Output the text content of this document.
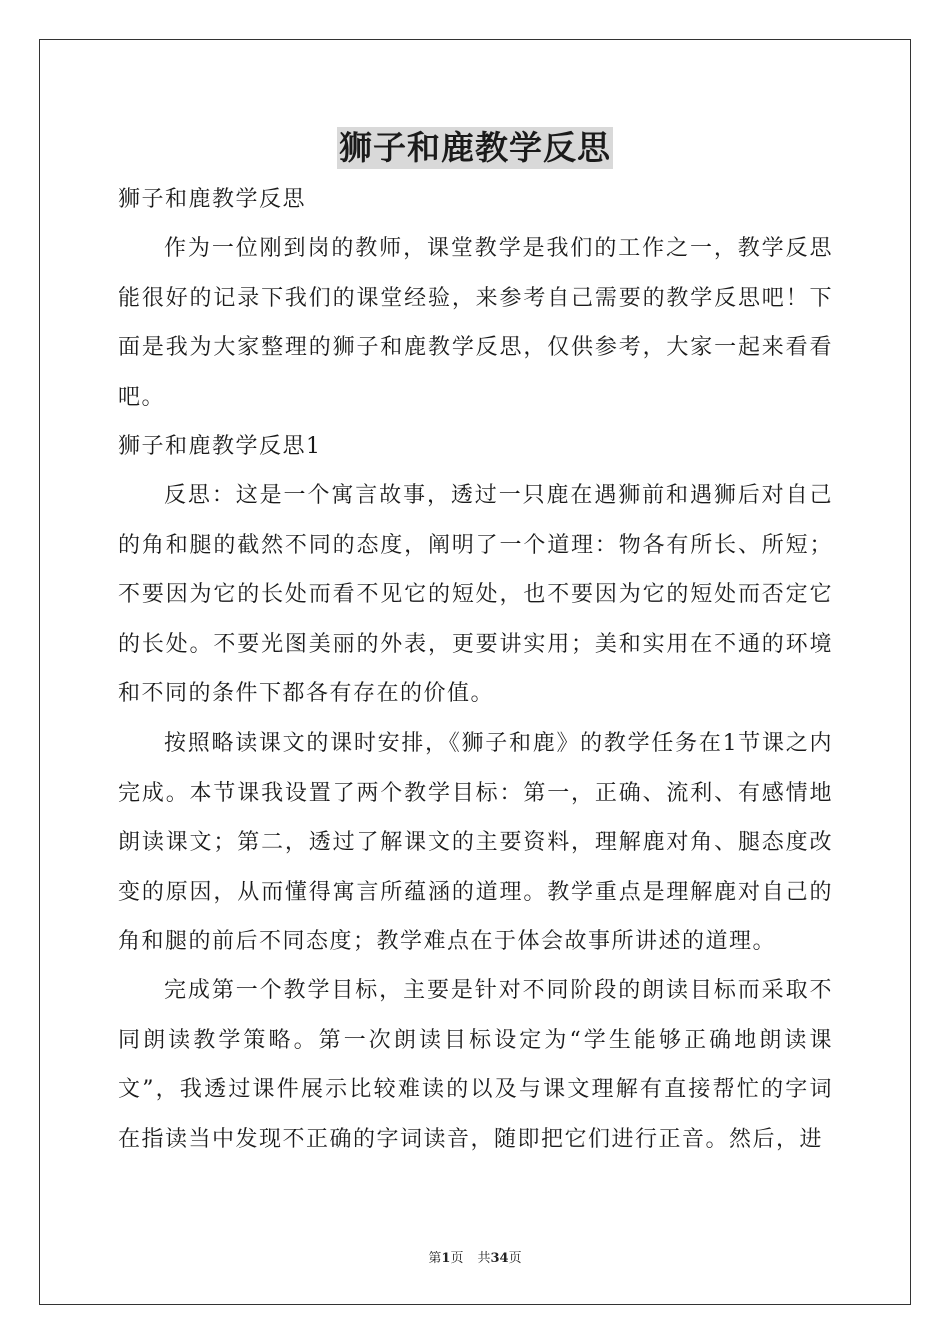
狮子和鹿教学反思

狮子和鹿教学反思

作为一位刚到岗的教师，课堂教学是我们的工作之一，教学反思能很好的记录下我们的课堂经验，来参考自己需要的教学反思吧！下面是我为大家整理的狮子和鹿教学反思，仅供参考，大家一起来看看吧。

狮子和鹿教学反思1

反思：这是一个寓言故事，透过一只鹿在遇狮前和遇狮后对自己的角和腿的截然不同的态度，阐明了一个道理：物各有所长、所短；不要因为它的长处而看不见它的短处，也不要因为它的短处而否定它的长处。不要光图美丽的外表，更要讲实用；美和实用在不通的环境和不同的条件下都各有存在的价值。

按照略读课文的课时安排，《狮子和鹿》的教学任务在1节课之内完成。本节课我设置了两个教学目标：第一，正确、流利、有感情地朗读课文；第二，透过了解课文的主要资料，理解鹿对角、腿态度改变的原因，从而懂得寓言所蕴涵的道理。教学重点是理解鹿对自己的角和腿的前后不同态度；教学难点在于体会故事所讲述的道理。

完成第一个教学目标，主要是针对不同阶段的朗读目标而采取不同朗读教学策略。第一次朗读目标设定为“学生能够正确地朗读课文”，我透过课件展示比较难读的以及与课文理解有直接帮忙的字词在指读当中发现不正确的字词读音，随即把它们进行正音。然后，进

第1页 共34页
